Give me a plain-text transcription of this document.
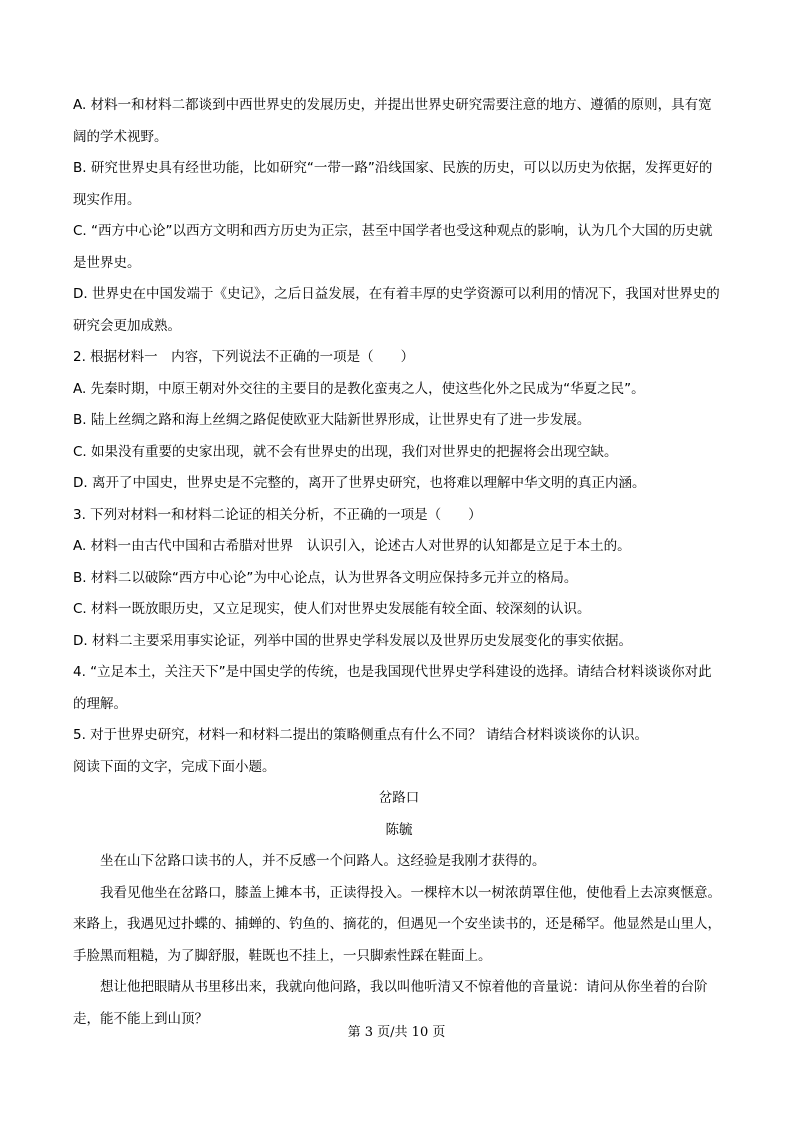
A. 材料一和材料二都谈到中西世界史的发展历史，并提出世界史研究需要注意的地方、遵循的原则，具有宽阔的学术视野。

B. 研究世界史具有经世功能，比如研究“一带一路”沿线国家、民族的历史，可以以历史为依据，发挥更好的现实作用。

C. “西方中心论”以西方文明和西方历史为正宗，甚至中国学者也受这种观点的影响，认为几个大国的历史就是世界史。

D. 世界史在中国发端于《史记》，之后日益发展，在有着丰厚的史学资源可以利用的情况下，我国对世界史的研究会更加成熟。

2. 根据材料一　内容，下列说法不正确的一项是（　　）

A. 先秦时期，中原王朝对外交往的主要目的是教化蛮夷之人，使这些化外之民成为“华夏之民”。

B. 陆上丝绸之路和海上丝绸之路促使欧亚大陆新世界形成，让世界史有了进一步发展。

C. 如果没有重要的史家出现，就不会有世界史的出现，我们对世界史的把握将会出现空缺。

D. 离开了中国史，世界史是不完整的，离开了世界史研究，也将难以理解中华文明的真正内涵。

3. 下列对材料一和材料二论证的相关分析，不正确的一项是（　　）

A. 材料一由古代中国和古希腊对世界　认识引入，论述古人对世界的认知都是立足于本土的。

B. 材料二以破除“西方中心论”为中心论点，认为世界各文明应保持多元并立的格局。

C. 材料一既放眼历史，又立足现实，使人们对世界史发展能有较全面、较深刻的认识。

D. 材料二主要采用事实论证，列举中国的世界史学科发展以及世界历史发展变化的事实依据。

4. “立足本土，关注天下”是中国史学的传统，也是我国现代世界史学科建设的选择。请结合材料谈谈你对此的理解。

5. 对于世界史研究，材料一和材料二提出的策略侧重点有什么不同？ 请结合材料谈谈你的认识。

阅读下面的文字，完成下面小题。

岔路口

陈毓

坐在山下岔路口读书的人，并不反感一个问路人。这经验是我刚才获得的。

我看见他坐在岔路口，膝盖上摊本书，正读得投入。一棵梓木以一树浓荫罩住他，使他看上去凉爽惬意。来路上，我遇见过扑蝶的、捕蝉的、钓鱼的、摘花的，但遇见一个安坐读书的，还是稀罕。他显然是山里人，手脸黑而粗糙，为了脚舒服，鞋既也不挂上，一只脚索性踩在鞋面上。

想让他把眼睛从书里移出来，我就向他问路，我以叫他听清又不惊着他的音量说：请问从你坐着的台阶走，能不能上到山顶？

第 3 页/共 10 页
